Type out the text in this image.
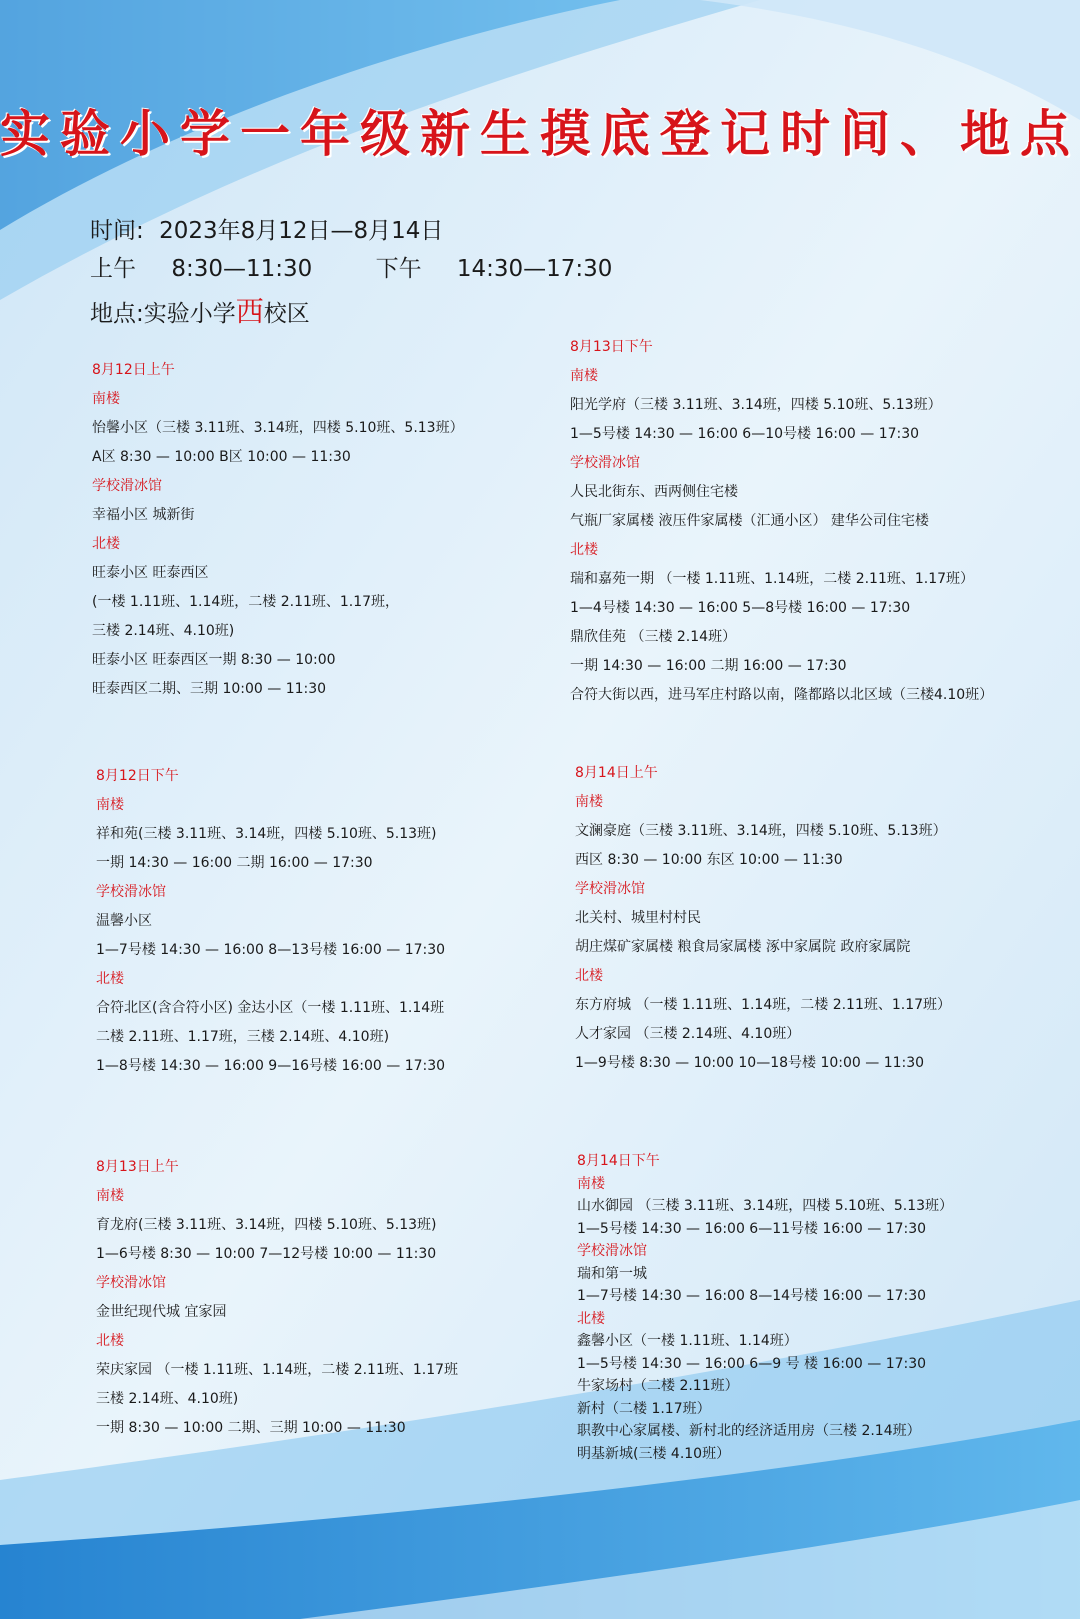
实验小学一年级新生摸底登记时间、地点
时间: 2023年8月12日—8月14日
上午 8:30—11:30	下午 14:30—17:30
地点:实验小学西校区
8月12日上午
南楼
怡馨小区（三楼 3.11班、3.14班，四楼 5.10班、5.13班）
A区 8:30 — 10:00 B区 10:00 — 11:30
学校滑冰馆
幸福小区 城新街
北楼
旺泰小区 旺泰西区
(一楼 1.11班、1.14班，二楼 2.11班、1.17班，
三楼 2.14班、4.10班)
旺泰小区 旺泰西区一期 8:30 — 10:00
旺泰西区二期、三期 10:00 — 11:30
8月13日下午
南楼
阳光学府（三楼 3.11班、3.14班，四楼 5.10班、5.13班）
1—5号楼 14:30 — 16:00 6—10号楼 16:00 — 17:30
学校滑冰馆
人民北街东、西两侧住宅楼
气瓶厂家属楼 液压件家属楼（汇通小区） 建华公司住宅楼
北楼
瑞和嘉苑一期 （一楼 1.11班、1.14班，二楼 2.11班、1.17班）
1—4号楼 14:30 — 16:00 5—8号楼 16:00 — 17:30
鼎欣佳苑 （三楼 2.14班）
一期 14:30 — 16:00 二期 16:00 — 17:30
合符大街以西，进马军庄村路以南，隆都路以北区域（三楼4.10班）
8月12日下午
南楼
祥和苑(三楼 3.11班、3.14班，四楼 5.10班、5.13班)
一期 14:30 — 16:00 二期 16:00 — 17:30
学校滑冰馆
温馨小区
1—7号楼 14:30 — 16:00 8—13号楼 16:00 — 17:30
北楼
合符北区(含合符小区) 金达小区（一楼 1.11班、1.14班
二楼 2.11班、1.17班，三楼 2.14班、4.10班)
1—8号楼 14:30 — 16:00 9—16号楼 16:00 — 17:30
8月14日上午
南楼
文澜豪庭（三楼 3.11班、3.14班，四楼 5.10班、5.13班）
西区 8:30 — 10:00 东区 10:00 — 11:30
学校滑冰馆
北关村、城里村村民
胡庄煤矿家属楼 粮食局家属楼 涿中家属院 政府家属院
北楼
东方府城 （一楼 1.11班、1.14班，二楼 2.11班、1.17班）
人才家园 （三楼 2.14班、4.10班）
1—9号楼 8:30 — 10:00 10—18号楼 10:00 — 11:30
8月13日上午
南楼
育龙府(三楼 3.11班、3.14班，四楼 5.10班、5.13班)
1—6号楼 8:30 — 10:00 7—12号楼 10:00 — 11:30
学校滑冰馆
金世纪现代城 宜家园
北楼
荣庆家园 （一楼 1.11班、1.14班，二楼 2.11班、1.17班
三楼 2.14班、4.10班)
一期 8:30 — 10:00 二期、三期 10:00 — 11:30
8月14日下午
南楼
山水御园 （三楼 3.11班、3.14班，四楼 5.10班、5.13班）
1—5号楼 14:30 — 16:00 6—11号楼 16:00 — 17:30
学校滑冰馆
瑞和第一城
1—7号楼 14:30 — 16:00 8—14号楼 16:00 — 17:30
北楼
鑫馨小区（一楼 1.11班、1.14班）
1—5号楼 14:30 — 16:00 6—9 号 楼 16:00 — 17:30
牛家场村（二楼 2.11班）
新村（二楼 1.17班）
职教中心家属楼、新村北的经济适用房（三楼 2.14班）
明基新城(三楼 4.10班）
